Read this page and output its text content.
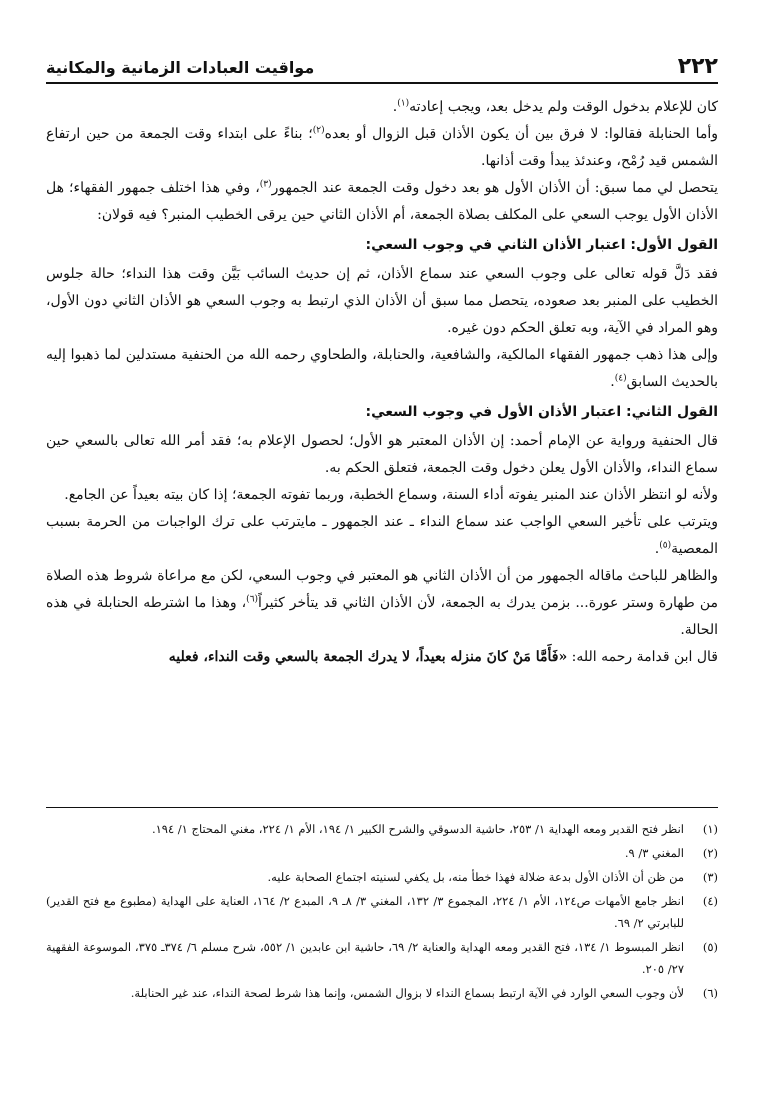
٢٢٢
مواقيت العبادات الزمانية والمكانية

كان للإعلام بدخول الوقت ولم يدخل بعد، ويجب إعادته$^{(١)}$.

وأما الحنابلة فقالوا: لا فرق بين أن يكون الأذان قبل الزوال أو بعده$^{(٢)}$؛ بناءً على ابتداء وقت الجمعة من حين ارتفاع الشمس قيد رُمْح، وعندئذ يبدأ وقت أذانها.

يتحصل لي مما سبق: أن الأذان الأول هو بعد دخول وقت الجمعة عند الجمهور$^{(٣)}$، وفي هذا اختلف جمهور الفقهاء؛ هل الأذان الأول يوجب السعي على المكلف بصلاة الجمعة، أم الأذان الثاني حين يرقى الخطيب المنبر؟ فيه قولان:

القول الأول: اعتبار الأذان الثاني في وجوب السعي:

فقد دَلَّ قوله تعالى على وجوب السعي عند سماع الأذان، ثم إن حديث السائب بَيَّن وقت هذا النداء؛ حالة جلوس الخطيب على المنبر بعد صعوده، يتحصل مما سبق أن الأذان الذي ارتبط به وجوب السعي هو الأذان الثاني دون الأول، وهو المراد في الآية، وبه تعلق الحكم دون غيره.

وإلى هذا ذهب جمهور الفقهاء المالكية، والشافعية، والحنابلة، والطحاوي رحمه الله من الحنفية مستدلين لما ذهبوا إليه بالحديث السابق$^{(٤)}$.

القول الثاني: اعتبار الأذان الأول في وجوب السعي:

قال الحنفية ورواية عن الإمام أحمد: إن الأذان المعتبر هو الأول؛ لحصول الإعلام به؛ فقد أمر الله تعالى بالسعي حين سماع النداء، والأذان الأول يعلن دخول وقت الجمعة، فتعلق الحكم به.

ولأنه لو انتظر الأذان عند المنبر يفوته أداء السنة، وسماع الخطبة، وربما تفوته الجمعة؛ إذا كان بيته بعيداً عن الجامع.

ويترتب على تأخير السعي الواجب عند سماع النداء ـ عند الجمهور ـ مايترتب على ترك الواجبات من الحرمة بسبب المعصية$^{(٥)}$.

والظاهر للباحث ماقاله الجمهور من أن الأذان الثاني هو المعتبر في وجوب السعي، لكن مع مراعاة شروط هذه الصلاة من طهارة وستر عورة... بزمن يدرك به الجمعة، لأن الأذان الثاني قد يتأخر كثيراً$^{(٦)}$، وهذا ما اشترطه الحنابلة في هذه الحالة.

قال ابن قدامة رحمه الله: «فَأَمَّا مَنْ كانَ منزله بعيداً، لا يدرك الجمعة بالسعي وقت النداء، فعليه

(١)
انظر فتح القدير ومعه الهداية ١/ ٢٥٣، حاشية الدسوقي والشرح الكبير ١/ ١٩٤، الأم ١/ ٢٢٤، مغني المحتاج ١/ ١٩٤.
(٢)
المغني ٣/ ٩.
(٣)
من ظن أن الأذان الأول بدعة ضلالة فهذا خطأ منه، بل يكفي لسنيته اجتماع الصحابة عليه.
(٤)
انظر جامع الأمهات ص١٢٤، الأم ١/ ٢٢٤، المجموع ٣/ ١٣٢، المغني ٣/ ٨ـ ٩، المبدع ٢/ ١٦٤، العناية على الهداية (مطبوع مع فتح القدير) للبابرتي ٢/ ٦٩.
(٥)
انظر المبسوط ١/ ١٣٤، فتح القدير ومعه الهداية والعناية ٢/ ٦٩، حاشية ابن عابدين ١/ ٥٥٢، شرح مسلم ٦/ ٣٧٤ـ ٣٧٥، الموسوعة الفقهية ٢٧/ ٢٠٥.
(٦)
لأن وجوب السعي الوارد في الآية ارتبط بسماع النداء لا بزوال الشمس، وإنما هذا شرط لصحة النداء، عند غير الحنابلة.
